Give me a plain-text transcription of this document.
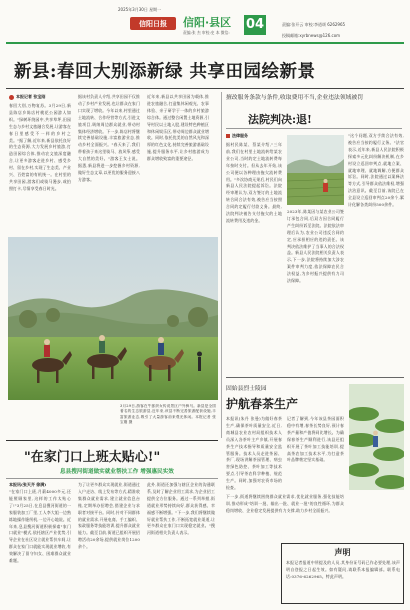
2025年3月30日 星期一
信阳日报	信阳·县区
责编:张 杰 审校:史 本 微信:
04	责编:张开云 审校:李道颂 6262965
投稿邮箱:xyrbnews@126.com
新县:春回大别添新绿 共享田园绘新景
本报记者 张宝刚
春回大别,万物复苏。3月29日,新县陈店乡陈店村桃花公园游人如织。"绿树环绕园中,共享草坪,田园生态与乡村文旅融合发展,让游客在春日里感受不一样的乡村之美。"据了解,近年来,新县依托良好的生态资源,大力发展乡村旅游,打造田园综合体,推动农文旅深度融合,让更多游客走进乡村、感受乡村、留在乡村,实现了生态美、产业兴、百姓富的有机统一。在村里的共享田园,游客们或骑马漫步,或拍照打卡,尽情享受春日时光。
据该村负责人介绍,共享田园不仅推动了乡村产业发展,也让群众在家门口实现了增收。今年以来,村里通过土地流转、合作经营等方式,引进文旅项目,吸纳周边群众就业,带动村集体经济增收。下一步,陈店村将继续完善基础设施,丰富旅游业态,推动乡村全面振兴。"春天来了,我们带着孩子来这里骑马、放风筝,感受大自然的美好。"游客王女士说。据悉,新县将进一步挖掘乡村资源,做好生态文章,以更优的服务迎接八方游客。
近年来,新县以共享田园为载体,推进农旅融合,打造集休闲观光、农事体验、亲子研学于一体的乡村旅游综合体。通过整合闲置土地资源,引导村民以土地入股,建设特色种植区和休闲娱乐区,带动周边群众就业增收。同时,依托优美的自然风光和深厚的红色文化,持续完善旅游基础设施,提升服务水平,让乡村旅游成为群众增收致富的重要途径。
3月29日,游客在牛郎织女传说景区户外骑马。新县是全国著名的生态旅游县,近年来,该县不断完善旅游配套设施,丰富旅游业态,吸引了大量游客前来观光休闲。本报记者 张宝刚 摄
擅改服务条款与条件,收取费用不当,企业违法领域被罚
法院判决:退!
法律服务
据村民陈某、蔡某介绍,"三年前,我们在村里土地流转给某农业公司,当时约定土地流转费每年按时支付。但从去年开始,该公司便以各种理由拖欠流转费用。"多次协商无果后,村民们向新县人民法院提起诉讼。法院经审理认为,双方签订的土地流转合同合法有效,被告应当按照合同约定履行付款义务。最终,法院判决被告支付拖欠的土地流转费用及违约金。
2023年,陈某因与某农业公司签订承包合同,后双方因合同履行产生纠纷诉至法院。法院依法审理后认为,农业公司违反合同约定,应承担相应的违约责任。该判决依法维护了当事人的合法权益。新县人民法院相关负责人表示,下一步,法院将持续加大涉农案件审判力度,依法保障农民合法权益,为乡村振兴提供有力司法保障。
"这个问题,双方手续合法有效,被告应当按约履行义务。"法官表示,近年来,新县人民法院积极探索多元化纠纷解决机制,在乡村设立巡回审判点,就地立案、就地审理、就地调解,方便群众诉讼。同时,法院通过以案释法等方式,引导群众依法维权,增强法治意识。截至目前,该院已在全县设立巡回审判点20余个,累计化解各类纠纷500余件。
固始县烈士陵园
护航春茶生产
本报讯(朱丹 张曼)为做好春茶生产,确保茶叶质量安全,近日,商城县农业农村局组织技术人员深入各茶叶主产乡镇,开展春茶生产技术指导和质量安全监管服务。技术人员走进茶园、茶厂,现场讲解茶园管理、病虫害绿色防控、茶叶加工等技术要点,引导茶农科学种植、规范生产。同时,加强对农资市场的检查。
记者了解到,今年该县茶园面积稳中有增,春茶长势良好,预计春茶产量和产值将同比增长。为确保春茶生产顺利进行,该县还组织开展了茶叶加工技能培训,提高茶农加工技术水平,为打造茶叶品牌奠定坚实基础。
"在家门口上班太贴心!"
息县搜河街道做实就业帮扶工作 增强惠民实效
本报讯(张天齐 徐满)
"在家门口上班,月薪4000多元,还能照顾家里,这样的工作太贴心了!"3月25日,在息县搜河街道的一家服装加工厂里,工人李大姐一边熟练地操作缝纫机,一边开心地说。近年来,息县搜河街道积极探索"家门口就业"模式,依托辖区产业优势,引导企业在社区设立就业帮扶车间,让群众在家门口就能实现就业增收,有效解决了留守妇女、困难群众就业难题。
为了让更多群众实现就业,街道通过入户走访、线上发布等方式,精准收集群众就业需求,建立就业信息台账,定期举办招聘会,搭建企业与求职者对接平台。同时,针对不同群体的就业需求,开展电商、手工编织、家政服务等技能培训,提升群众就业能力。截至目前,街道已组织开展招聘活动20余场,提供就业岗位1200余个。
此外,街道还加强与辖区企业的沟通联系,及时了解企业用工需求,为企业招工提供全方位服务。通过一系列举措,街道就业形势持续向好,群众获得感、幸福感不断增强。"下一步,我们将继续做好就业帮扶工作,不断拓宽就业渠道,让更多群众在家门口实现稳定就业。"搜河街道相关负责人表示。
下一步,街道将继续围绕群众就业需求,优化就业服务,强化技能培训,推动形成"培训一批、输出一批、就业一批"的良性循环,为群众稳岗增收、企业稳定发展提供有力支撑,助力乡村全面振兴。
声明
本报记者报道中所提及的人员,其身份证号码已作必要处理,该声明自登报之日起生效。如有疑问,请联系本报编辑部。联系电话:0376-6262965。特此声明。
